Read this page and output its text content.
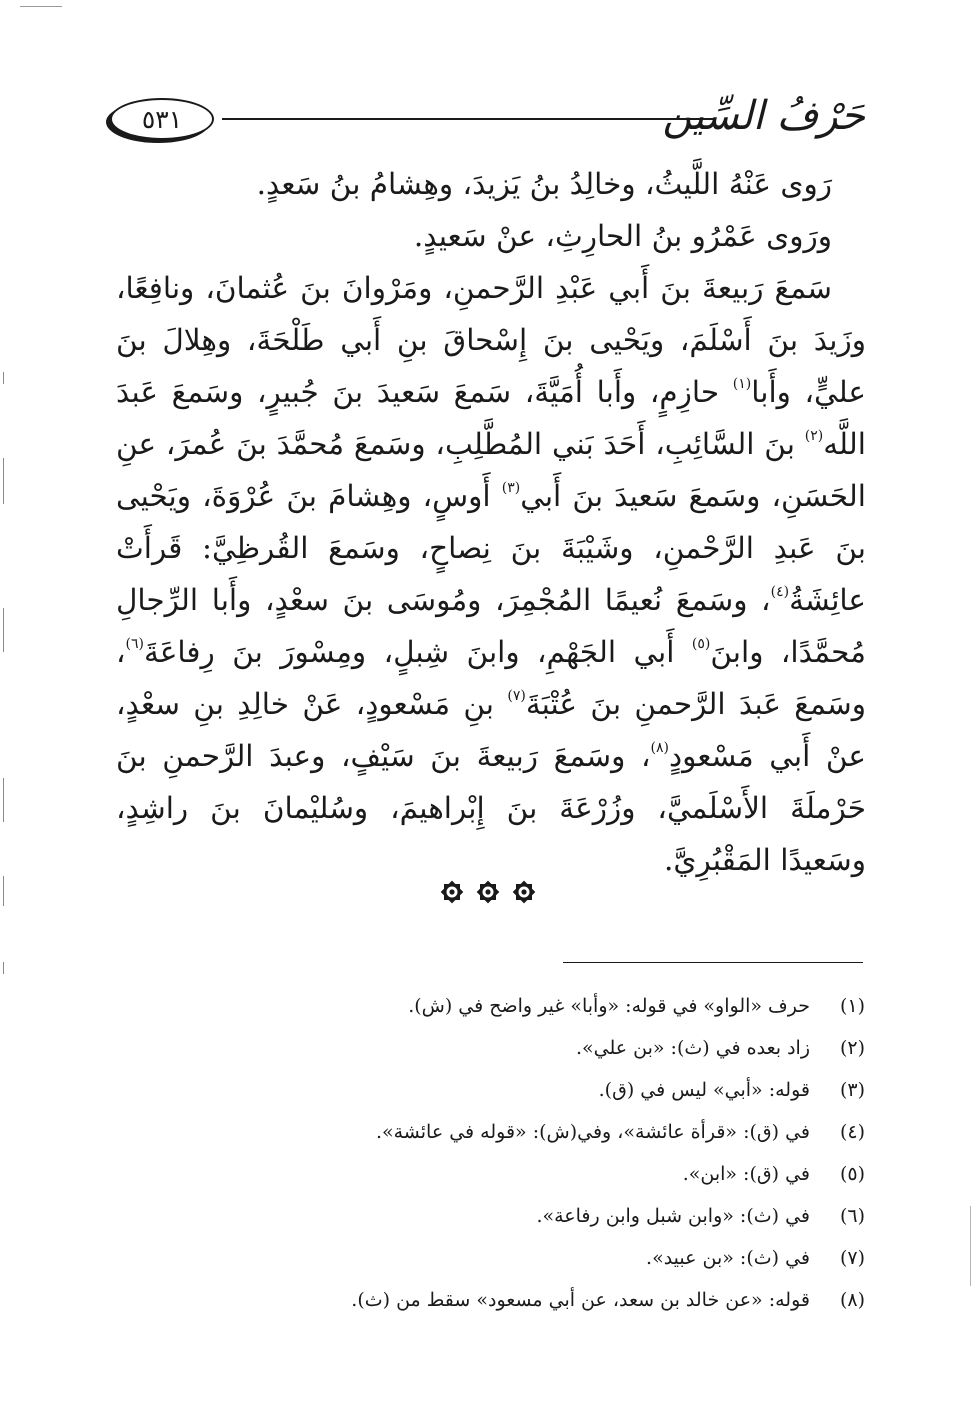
٥٣١	حَرْفُ السِّين

رَوى عَنْهُ اللَّيثُ، وخالِدُ بنُ يَزيدَ، وهِشامُ بنُ سَعدٍ.

ورَوى عَمْرُو بنُ الحارِثِ، عنْ سَعيدٍ.

سَمعَ رَبيعةَ بنَ أَبي عَبْدِ الرَّحمنِ، ومَرْوانَ بنَ عُثمانَ، ونافِعًا، وزَيدَ بنَ أَسْلَمَ، ويَحْيى بنَ إِسْحاقَ بنِ أَبي طَلْحَةَ، وهِلالَ بنَ عليٍّ، وأَبا$^{(١)}$ حازِمٍ، وأَبا أُمَيَّةَ، سَمعَ سَعيدَ بنَ جُبيرٍ، وسَمعَ عَبدَ اللَّه$^{(٢)}$ بنَ السَّائِبِ، أَحَدَ بَني المُطَّلِبِ، وسَمعَ مُحمَّدَ بنَ عُمرَ، عنِ الحَسَنِ، وسَمعَ سَعيدَ بنَ أَبي$^{(٣)}$ أَوسٍ، وهِشامَ بنَ عُرْوَةَ، ويَحْيى بنَ عَبدِ الرَّحْمنِ، وشَيْبَةَ بنَ نِصاحٍ، وسَمعَ القُرظِيَّ: قَرأَتْ عائِشَةُ$^{(٤)}$، وسَمعَ نُعيمًا المُجْمِرَ، ومُوسَى بنَ سعْدٍ، وأَبا الرِّجالِ مُحمَّدًا، وابنَ$^{(٥)}$ أَبي الجَهْمِ، وابنَ شِبلٍ، ومِسْورَ بنَ رِفاعَةَ$^{(٦)}$، وسَمعَ عَبدَ الرَّحمنِ بنَ عُتْبَةَ$^{(٧)}$ بنِ مَسْعودٍ، عَنْ خالِدِ بنِ سعْدٍ، عنْ أَبي مَسْعودٍ$^{(٨)}$، وسَمعَ رَبيعةَ بنَ سَيْفٍ، وعبدَ الرَّحمنِ بنَ حَرْملَةَ الأَسْلَميَّ، وزُرْعَةَ بنَ إِبْراهيمَ، وسُليْمانَ بنَ راشِدٍ، وسَعيدًا المَقْبُرِيَّ.

(١)
حرف «الواو» في قوله: «وأبا» غير واضح في (ش).
(٢)
زاد بعده في (ث): «بن علي».
(٣)
قوله: «أبي» ليس في (ق).
(٤)
في (ق): «قرأة عائشة»، وفي(ش): «قوله في عائشة».
(٥)
في (ق): «ابن».
(٦)
في (ث): «وابن شبل وابن رفاعة».
(٧)
في (ث): «بن عبيد».
(٨)
قوله: «عن خالد بن سعد، عن أبي مسعود» سقط من (ث).
